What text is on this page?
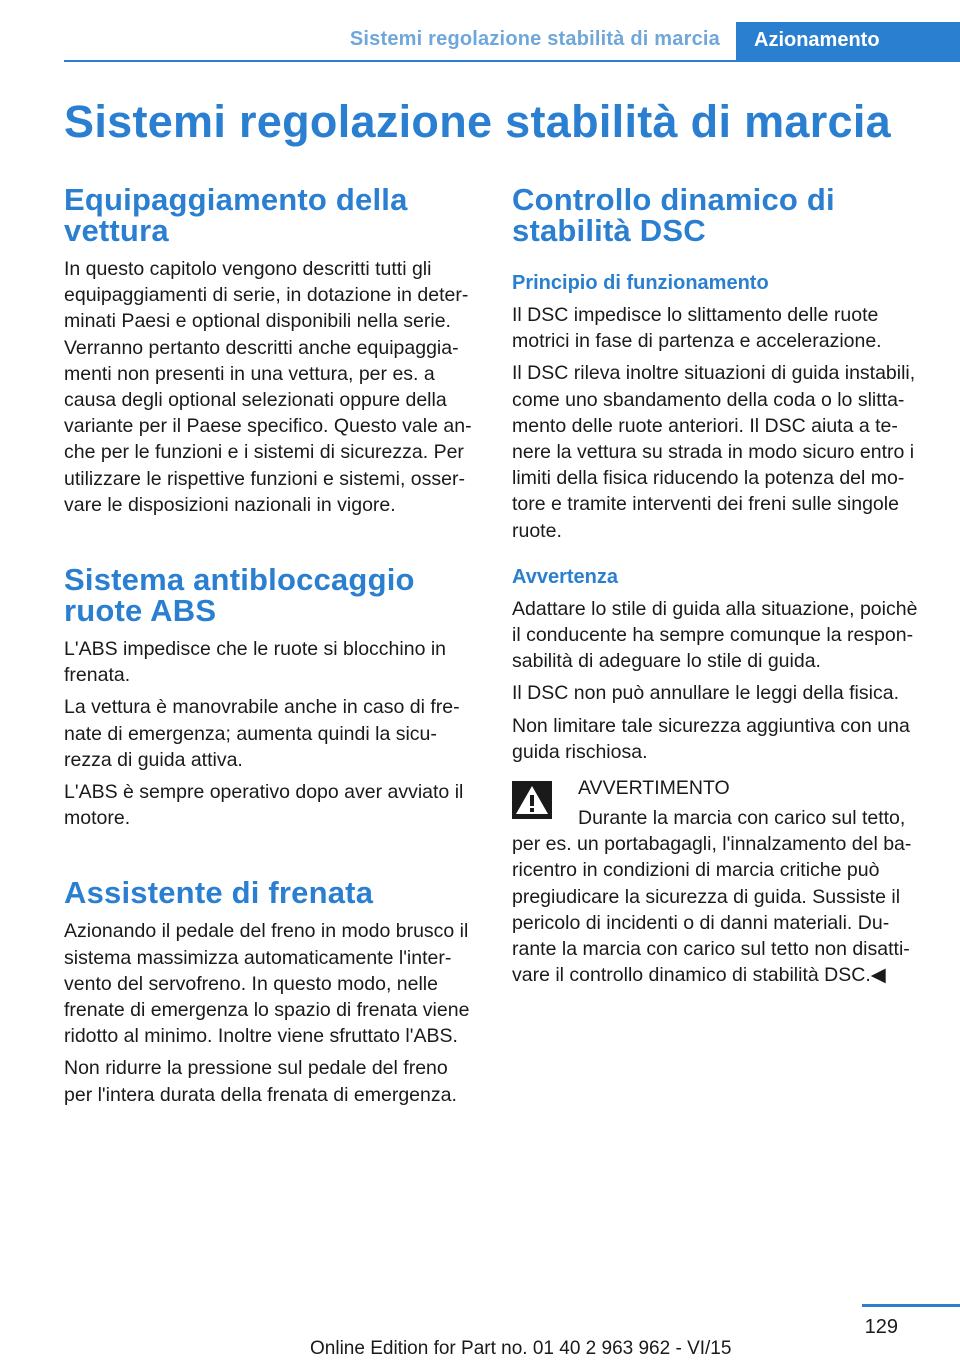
Sistemi regolazione stabilità di marcia	Azionamento
Sistemi regolazione stabilità di marcia
Equipaggiamento della vettura

In questo capitolo vengono descritti tutti gli equipaggiamenti di serie, in dotazione in determinati Paesi e optional disponibili nella serie. Verranno pertanto descritti anche equipaggiamenti non presenti in una vettura, per es. a causa degli optional selezionati oppure della variante per il Paese specifico. Questo vale anche per le funzioni e i sistemi di sicurezza. Per utilizzare le rispettive funzioni e sistemi, osservare le disposizioni nazionali in vigore.

Sistema antibloccaggio ruote ABS

L'ABS impedisce che le ruote si blocchino in frenata.

La vettura è manovrabile anche in caso di frenate di emergenza; aumenta quindi la sicurezza di guida attiva.

L'ABS è sempre operativo dopo aver avviato il motore.

Assistente di frenata

Azionando il pedale del freno in modo brusco il sistema massimizza automaticamente l'intervento del servofreno. In questo modo, nelle frenate di emergenza lo spazio di frenata viene ridotto al minimo. Inoltre viene sfruttato l'ABS.

Non ridurre la pressione sul pedale del freno per l'intera durata della frenata di emergenza.

Controllo dinamico di stabilità DSC
Principio di funzionamento

Il DSC impedisce lo slittamento delle ruote motrici in fase di partenza e accelerazione.

Il DSC rileva inoltre situazioni di guida instabili, come uno sbandamento della coda o lo slittamento delle ruote anteriori. Il DSC aiuta a tenere la vettura su strada in modo sicuro entro i limiti della fisica riducendo la potenza del motore e tramite interventi dei freni sulle singole ruote.

Avvertenza

Adattare lo stile di guida alla situazione, poichè il conducente ha sempre comunque la responsabilità di adeguare lo stile di guida.

Il DSC non può annullare le leggi della fisica.

Non limitare tale sicurezza aggiuntiva con una guida rischiosa.

AVVERTIMENTO
Durante la marcia con carico sul tetto,
per es. un portabagagli, l'innalzamento del baricentro in condizioni di marcia critiche può pregiudicare la sicurezza di guida. Sussiste il pericolo di incidenti o di danni materiali. Durante la marcia con carico sul tetto non disattivare il controllo dinamico di stabilità DSC.◀
129
Online Edition for Part no. 01 40 2 963 962 - VI/15
